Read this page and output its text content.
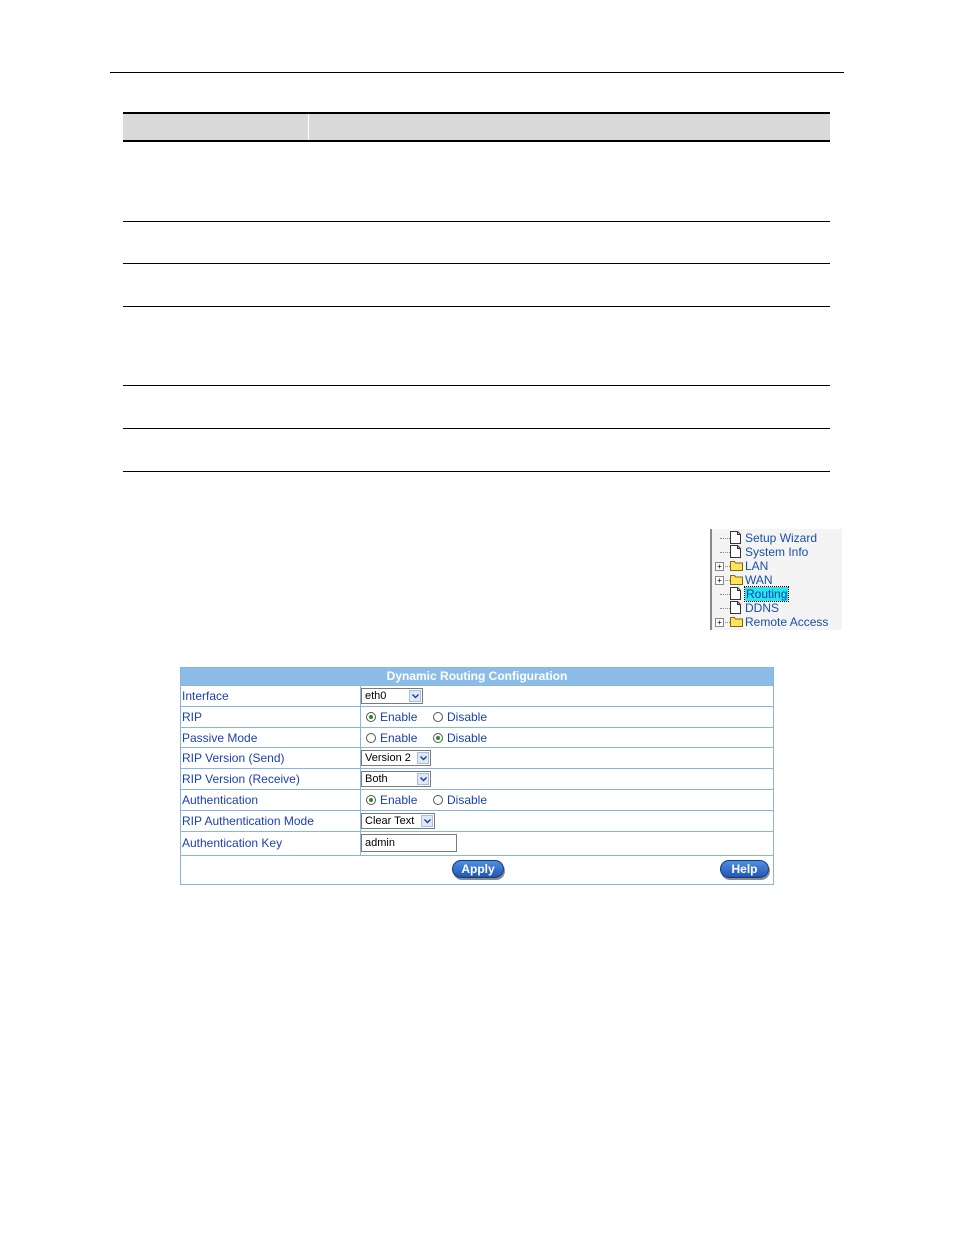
Setup Wizard
System Info
+ LAN
+ WAN
Routing
DDNS
+ Remote Access
Dynamic Routing Configuration
Interface	eth0
RIP	Enable Disable
Passive Mode	Enable Disable
RIP Version (Send)	Version 2
RIP Version (Receive)	Both
Authentication	Enable Disable
RIP Authentication Mode	Clear Text
Authentication Key	admin
Apply	Help
